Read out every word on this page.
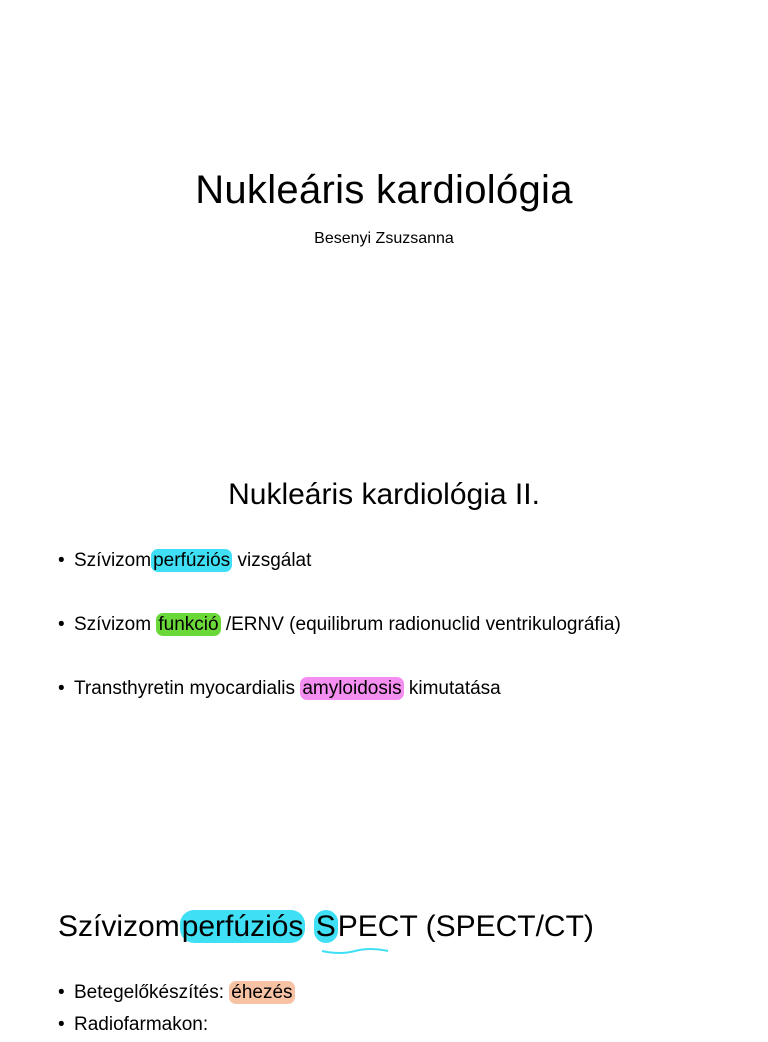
Nukleáris kardiológia
Besenyi Zsuzsanna
Nukleáris kardiológia II.
• Szívizom perfúziós vizsgálat
• Szívizom funkció /ERNV (equilibrum radionuclid ventrikulográfia)
• Transthyretin myocardialis amyloidosis kimutatása
Szívizomperfúziós SPECT (SPECT/CT)
• Betegelőkészítés: éhezés
• Radiofarmakon:
